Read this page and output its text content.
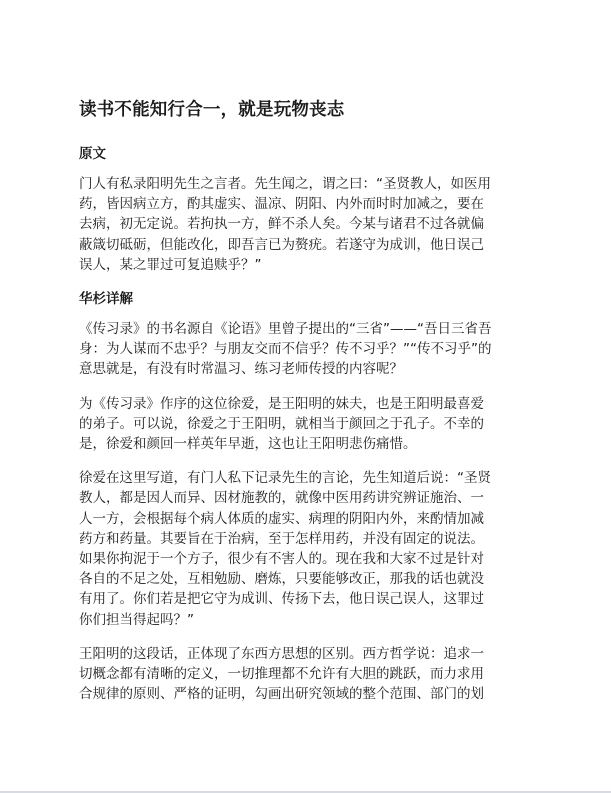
读书不能知行合一，就是玩物丧志
原文
门人有私录阳明先生之言者。先生闻之，谓之曰：“圣贤教人，如医用
药，皆因病立方，酌其虚实、温凉、阴阳、内外而时时加减之，要在
去病，初无定说。若拘执一方，鲜不杀人矣。今某与诸君不过各就偏
蔽箴切砥砺，但能改化，即吾言已为赘疣。若遂守为成训，他日误己
误人，某之罪过可复追赎乎？”
华杉详解
《传习录》的书名源自《论语》里曾子提出的“三省”——“吾日三省吾
身：为人谋而不忠乎？与朋友交而不信乎？传不习乎？”“传不习乎”的
意思就是，有没有时常温习、练习老师传授的内容呢？
为《传习录》作序的这位徐爱，是王阳明的妹夫，也是王阳明最喜爱
的弟子。可以说，徐爱之于王阳明，就相当于颜回之于孔子。不幸的
是，徐爱和颜回一样英年早逝，这也让王阳明悲伤痛惜。
徐爱在这里写道，有门人私下记录先生的言论，先生知道后说：“圣贤
教人，都是因人而异、因材施教的，就像中医用药讲究辨证施治、一
人一方，会根据每个病人体质的虚实、病理的阴阳内外，来酌情加减
药方和药量。其要旨在于治病，至于怎样用药，并没有固定的说法。
如果你拘泥于一个方子，很少有不害人的。现在我和大家不过是针对
各自的不足之处，互相勉励、磨炼，只要能够改正，那我的话也就没
有用了。你们若是把它守为成训、传扬下去，他日误己误人，这罪过
你们担当得起吗？”
王阳明的这段话，正体现了东西方思想的区别。西方哲学说：追求一
切概念都有清晰的定义，一切推理都不允许有大胆的跳跃，而力求用
合规律的原则、严格的证明，勾画出研究领域的整个范围、部门的划
